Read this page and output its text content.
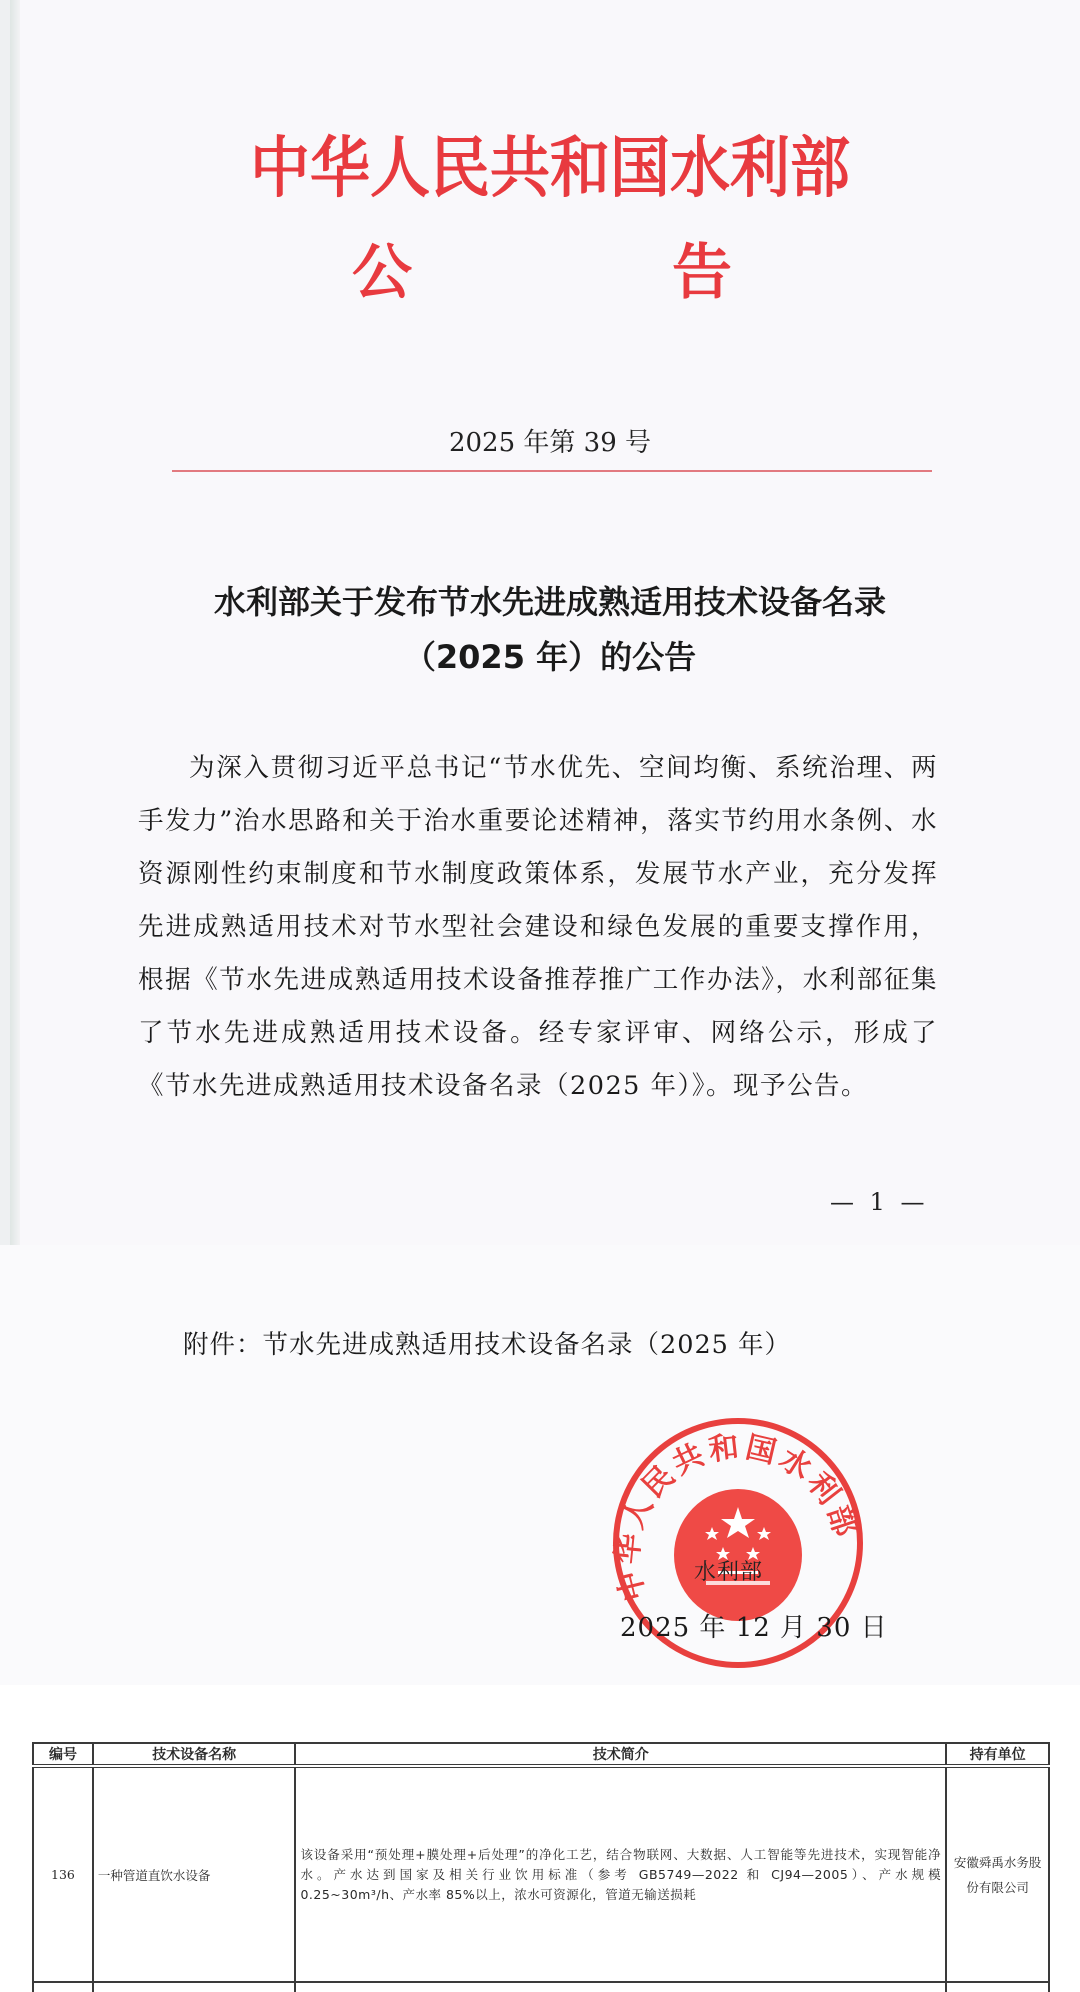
中华人民共和国水利部
公	告
2025 年第 39 号
水利部关于发布节水先进成熟适用技术设备名录
（2025 年）的公告

为深入贯彻习近平总书记“节水优先、空间均衡、系统治理、两手发力”治水思路和关于治水重要论述精神，落实节约用水条例、水资源刚性约束制度和节水制度政策体系，发展节水产业，充分发挥先进成熟适用技术对节水型社会建设和绿色发展的重要支撑作用，根据《节水先进成熟适用技术设备推荐推广工作办法》，水利部征集了节水先进成熟适用技术设备。经专家评审、网络公示，形成了《节水先进成熟适用技术设备名录（2025 年）》。现予公告。

— 1 —
附件：节水先进成熟适用技术设备名录（2025 年）
中华人民共和国水利部
水利部
2025 年 12 月 30 日
编号	技术设备名称	技术简介	持有单位
136	一种管道直饮水设备	该设备采用“预处理+膜处理+后处理”的净化工艺，结合物联网、大数据、人工智能等先进技术，实现智能净水。产水达到国家及相关行业饮用标准（参考 GB5749—2022 和 CJ94—2005）、产水规模 0.25~30m³/h、产水率 85%以上，浓水可资源化，管道无输送损耗	安徽舜禹水务股份有限公司
